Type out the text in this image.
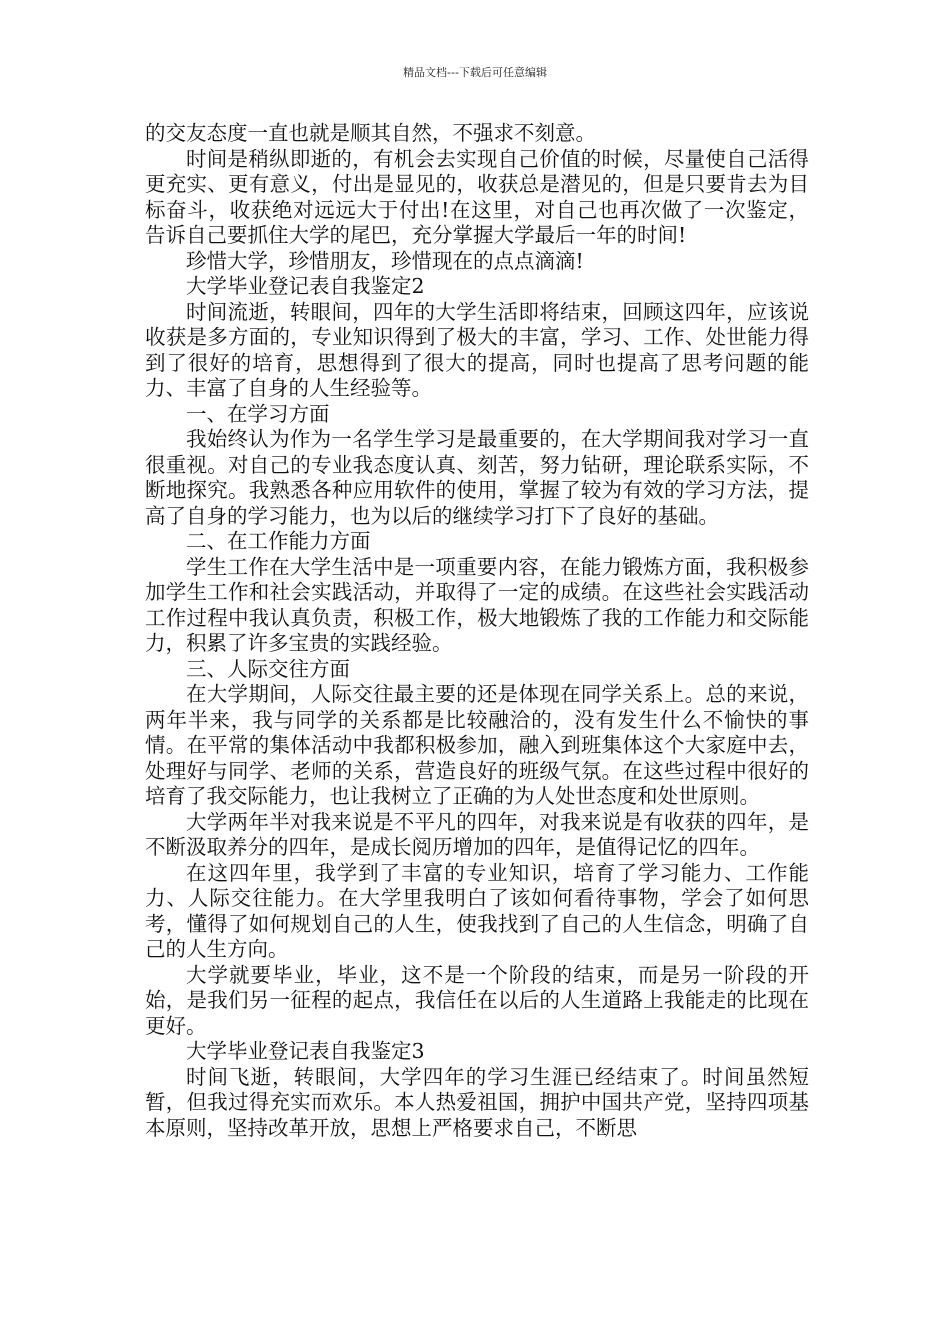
精品文档---下载后可任意编辑

的交友态度一直也就是顺其自然，不强求不刻意。

时间是稍纵即逝的，有机会去实现自己价值的时候，尽量使自己活得更充实、更有意义，付出是显见的，收获总是潜见的，但是只要肯去为目标奋斗，收获绝对远远大于付出!在这里，对自己也再次做了一次鉴定，告诉自己要抓住大学的尾巴，充分掌握大学最后一年的时间!

珍惜大学，珍惜朋友，珍惜现在的点点滴滴!

大学毕业登记表自我鉴定2

时间流逝，转眼间，四年的大学生活即将结束，回顾这四年，应该说收获是多方面的，专业知识得到了极大的丰富，学习、工作、处世能力得到了很好的培育，思想得到了很大的提高，同时也提高了思考问题的能力、丰富了自身的人生经验等。

一、在学习方面

我始终认为作为一名学生学习是最重要的，在大学期间我对学习一直很重视。对自己的专业我态度认真、刻苦，努力钻研，理论联系实际，不断地探究。我熟悉各种应用软件的使用，掌握了较为有效的学习方法，提高了自身的学习能力，也为以后的继续学习打下了良好的基础。

二、在工作能力方面

学生工作在大学生活中是一项重要内容，在能力锻炼方面，我积极参加学生工作和社会实践活动，并取得了一定的成绩。在这些社会实践活动工作过程中我认真负责，积极工作，极大地锻炼了我的工作能力和交际能力，积累了许多宝贵的实践经验。

三、人际交往方面

在大学期间，人际交往最主要的还是体现在同学关系上。总的来说，两年半来，我与同学的关系都是比较融洽的，没有发生什么不愉快的事情。在平常的集体活动中我都积极参加，融入到班集体这个大家庭中去，处理好与同学、老师的关系，营造良好的班级气氛。在这些过程中很好的培育了我交际能力，也让我树立了正确的为人处世态度和处世原则。

大学两年半对我来说是不平凡的四年，对我来说是有收获的四年，是不断汲取养分的四年，是成长阅历增加的四年，是值得记忆的四年。

在这四年里，我学到了丰富的专业知识，培育了学习能力、工作能力、人际交往能力。在大学里我明白了该如何看待事物，学会了如何思考，懂得了如何规划自己的人生，使我找到了自己的人生信念，明确了自己的人生方向。

大学就要毕业，毕业，这不是一个阶段的结束，而是另一阶段的开始，是我们另一征程的起点，我信任在以后的人生道路上我能走的比现在更好。

大学毕业登记表自我鉴定3

时间飞逝，转眼间，大学四年的学习生涯已经结束了。时间虽然短暂，但我过得充实而欢乐。本人热爱祖国，拥护中国共产党，坚持四项基本原则，坚持改革开放，思想上严格要求自己，不断思
